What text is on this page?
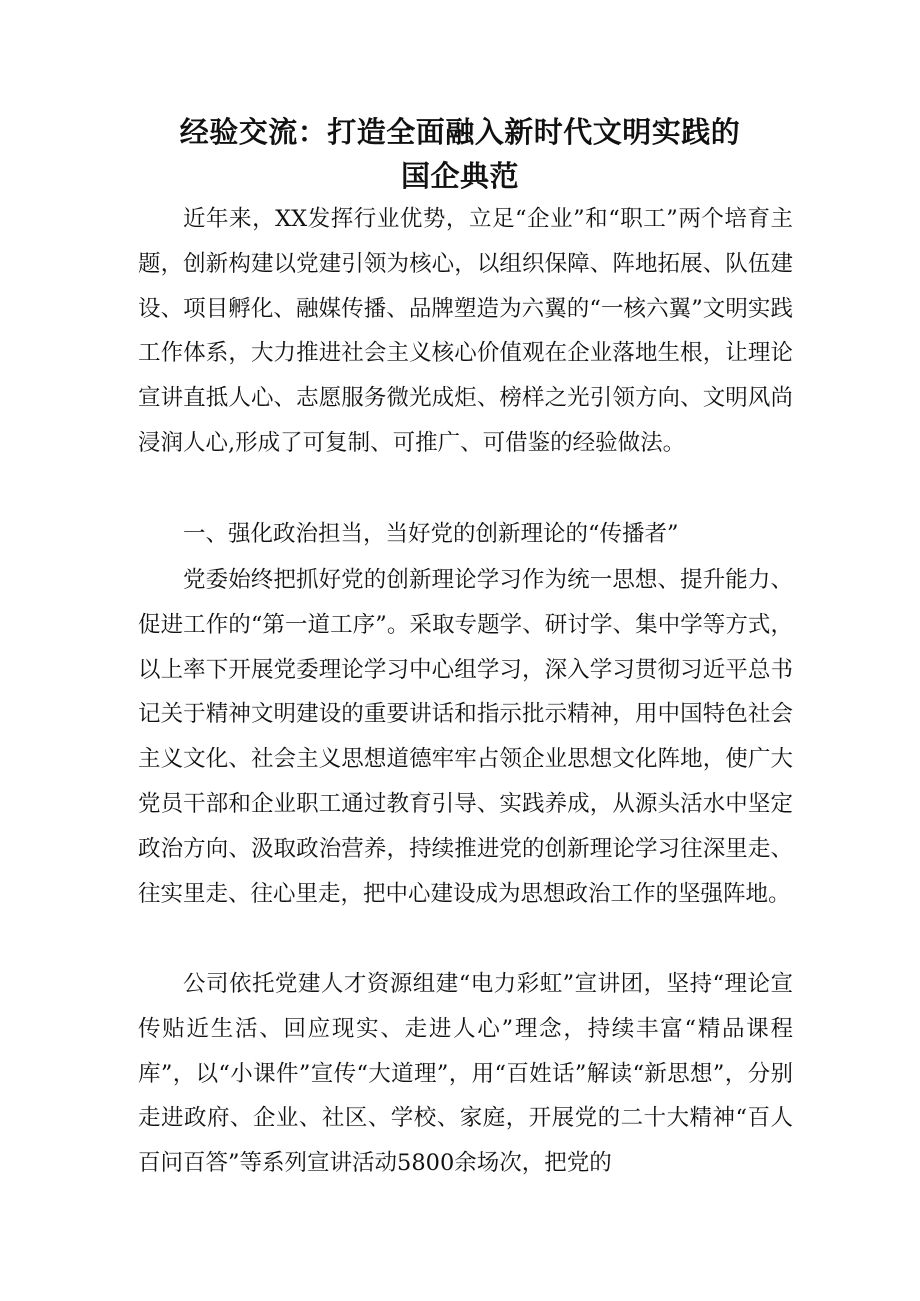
经验交流：打造全面融入新时代文明实践的
国企典范

近年来，XX发挥行业优势，立足“企业”和“职工”两个培育主题，创新构建以党建引领为核心，以组织保障、阵地拓展、队伍建设、项目孵化、融媒传播、品牌塑造为六翼的“一核六翼”文明实践工作体系，大力推进社会主义核心价值观在企业落地生根，让理论宣讲直抵人心、志愿服务微光成炬、榜样之光引领方向、文明风尚浸润人心,形成了可复制、可推广、可借鉴的经验做法。

一、强化政治担当，当好党的创新理论的“传播者”

党委始终把抓好党的创新理论学习作为统一思想、提升能力、促进工作的“第一道工序”。采取专题学、研讨学、集中学等方式，以上率下开展党委理论学习中心组学习，深入学习贯彻习近平总书记关于精神文明建设的重要讲话和指示批示精神，用中国特色社会主义文化、社会主义思想道德牢牢占领企业思想文化阵地，使广大党员干部和企业职工通过教育引导、实践养成，从源头活水中坚定政治方向、汲取政治营养，持续推进党的创新理论学习往深里走、往实里走、往心里走，把中心建设成为思想政治工作的坚强阵地。

公司依托党建人才资源组建“电力彩虹”宣讲团，坚持“理论宣传贴近生活、回应现实、走进人心”理念，持续丰富“精品课程库”，以“小课件”宣传“大道理”，用“百姓话”解读“新思想”，分别走进政府、企业、社区、学校、家庭，开展党的二十大精神“百人百问百答”等系列宣讲活动5800余场次，把党的
